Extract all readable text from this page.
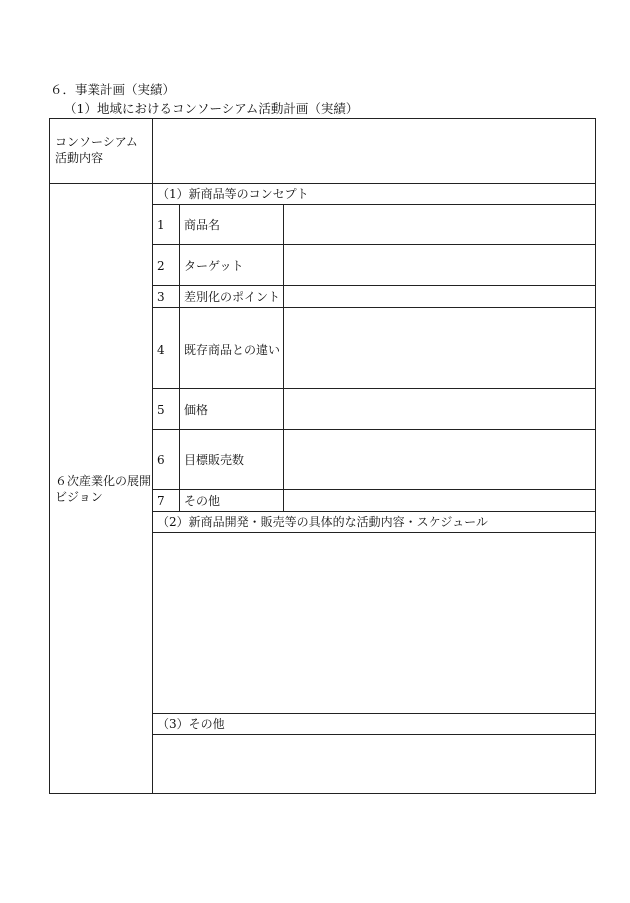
６．事業計画（実績）
（1）地域におけるコンソーシアム活動計画（実績）
コンソーシアム
活動内容
６次産業化の展開
ビジョン
（1）新商品等のコンセプト
1 商品名
2 ターゲット
3 差別化のポイント
4 既存商品との違い
5 価格
6 目標販売数
7 その他
（2）新商品開発・販売等の具体的な活動内容・スケジュール
（3）その他
